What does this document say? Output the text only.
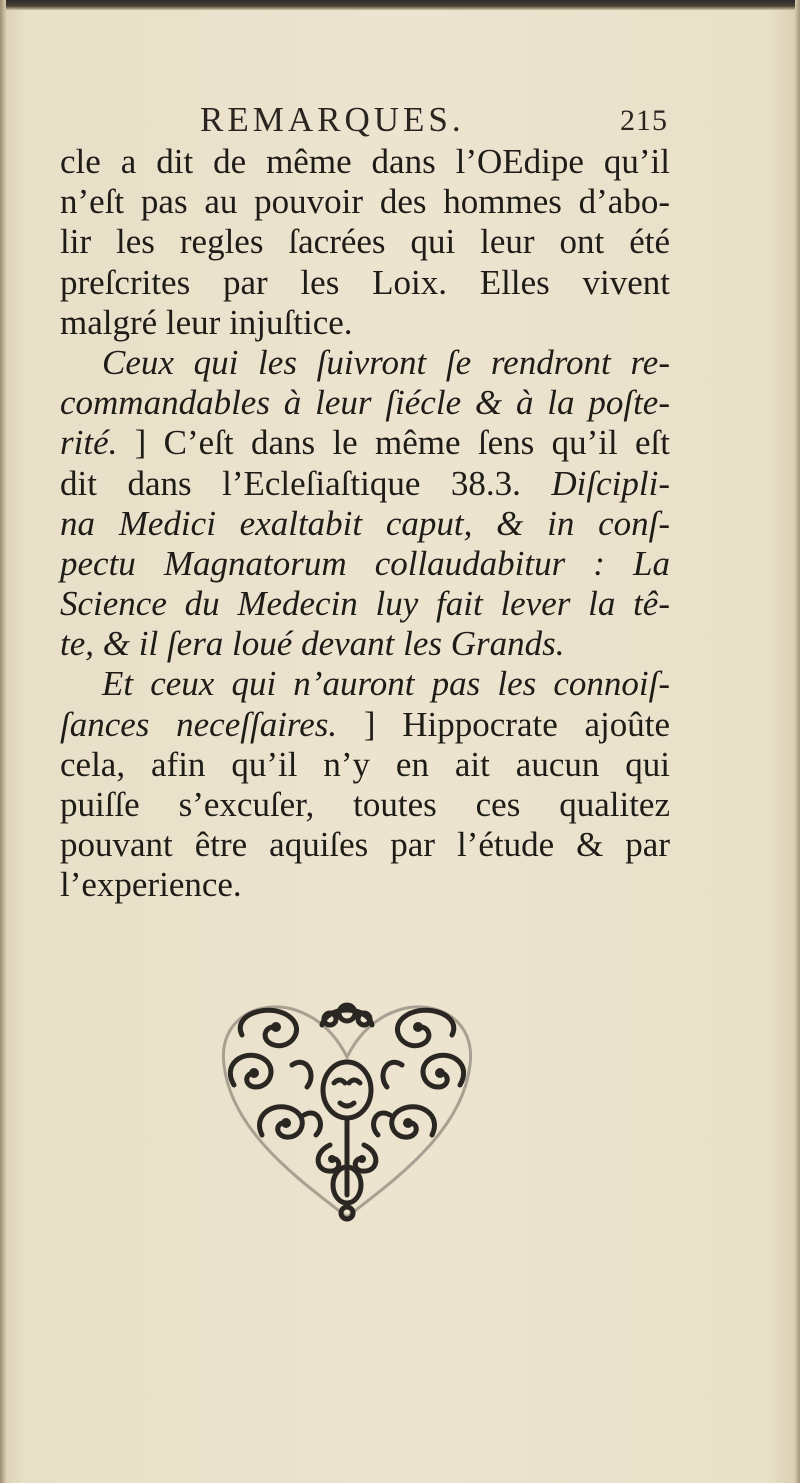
REMARQUES.	215
cle a dit de même dans l’OEdipe qu’il
n’eſt pas au pouvoir des hommes d’abo-
lir les regles ſacrées qui leur ont été
preſcrites par les Loix. Elles vivent
malgré leur injuſtice.
Ceux qui les ſuivront ſe rendront re-
commandables à leur ſiécle & à la poſte-
rité. ] C’eſt dans le même ſens qu’il eſt
dit dans l’Ecleſiaſtique 38.3. Diſcipli-
na Medici exaltabit caput, & in conſ-
pectu Magnatorum collaudabitur : La
Science du Medecin luy fait lever la tê-
te, & il ſera loué devant les Grands.
Et ceux qui n’auront pas les connoiſ-
ſances neceſſaires. ] Hippocrate ajoûte
cela, afin qu’il n’y en ait aucun qui
puiſſe s’excuſer, toutes ces qualitez
pouvant être aquiſes par l’étude & par
l’experience.
